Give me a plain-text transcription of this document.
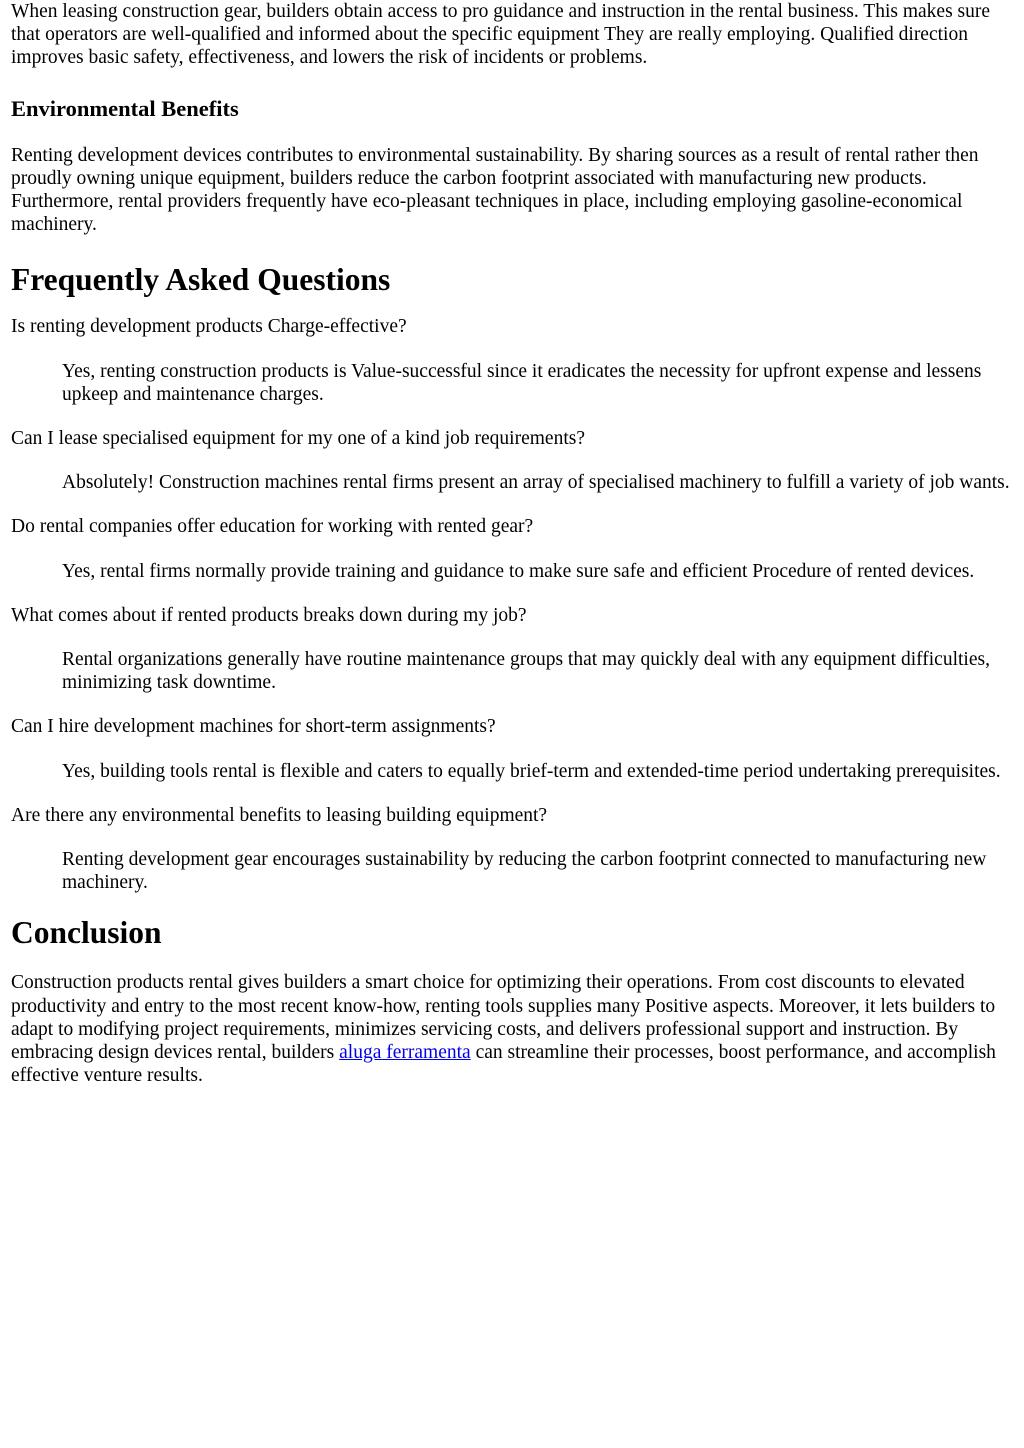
When leasing construction gear, builders obtain access to pro guidance and instruction in the rental business. This makes sure that operators are well-qualified and informed about the specific equipment They are really employing. Qualified direction improves basic safety, effectiveness, and lowers the risk of incidents or problems.

Environmental Benefits

Renting development devices contributes to environmental sustainability. By sharing sources as a result of rental rather then proudly owning unique equipment, builders reduce the carbon footprint associated with manufacturing new products. Furthermore, rental providers frequently have eco-pleasant techniques in place, including employing gasoline-economical machinery.

Frequently Asked Questions
Is renting development products Charge-effective?
Yes, renting construction products is Value-successful since it eradicates the necessity for upfront expense and lessens upkeep and maintenance charges.
Can I lease specialised equipment for my one of a kind job requirements?
Absolutely! Construction machines rental firms present an array of specialised machinery to fulfill a variety of job wants.
Do rental companies offer education for working with rented gear?
Yes, rental firms normally provide training and guidance to make sure safe and efficient Procedure of rented devices.
What comes about if rented products breaks down during my job?
Rental organizations generally have routine maintenance groups that may quickly deal with any equipment difficulties, minimizing task downtime.
Can I hire development machines for short-term assignments?
Yes, building tools rental is flexible and caters to equally brief-term and extended-time period undertaking prerequisites.
Are there any environmental benefits to leasing building equipment?
Renting development gear encourages sustainability by reducing the carbon footprint connected to manufacturing new machinery.
Conclusion

Construction products rental gives builders a smart choice for optimizing their operations. From cost discounts to elevated productivity and entry to the most recent know-how, renting tools supplies many Positive aspects. Moreover, it lets builders to adapt to modifying project requirements, minimizes servicing costs, and delivers professional support and instruction. By embracing design devices rental, builders aluga ferramenta can streamline their processes, boost performance, and accomplish effective venture results.
